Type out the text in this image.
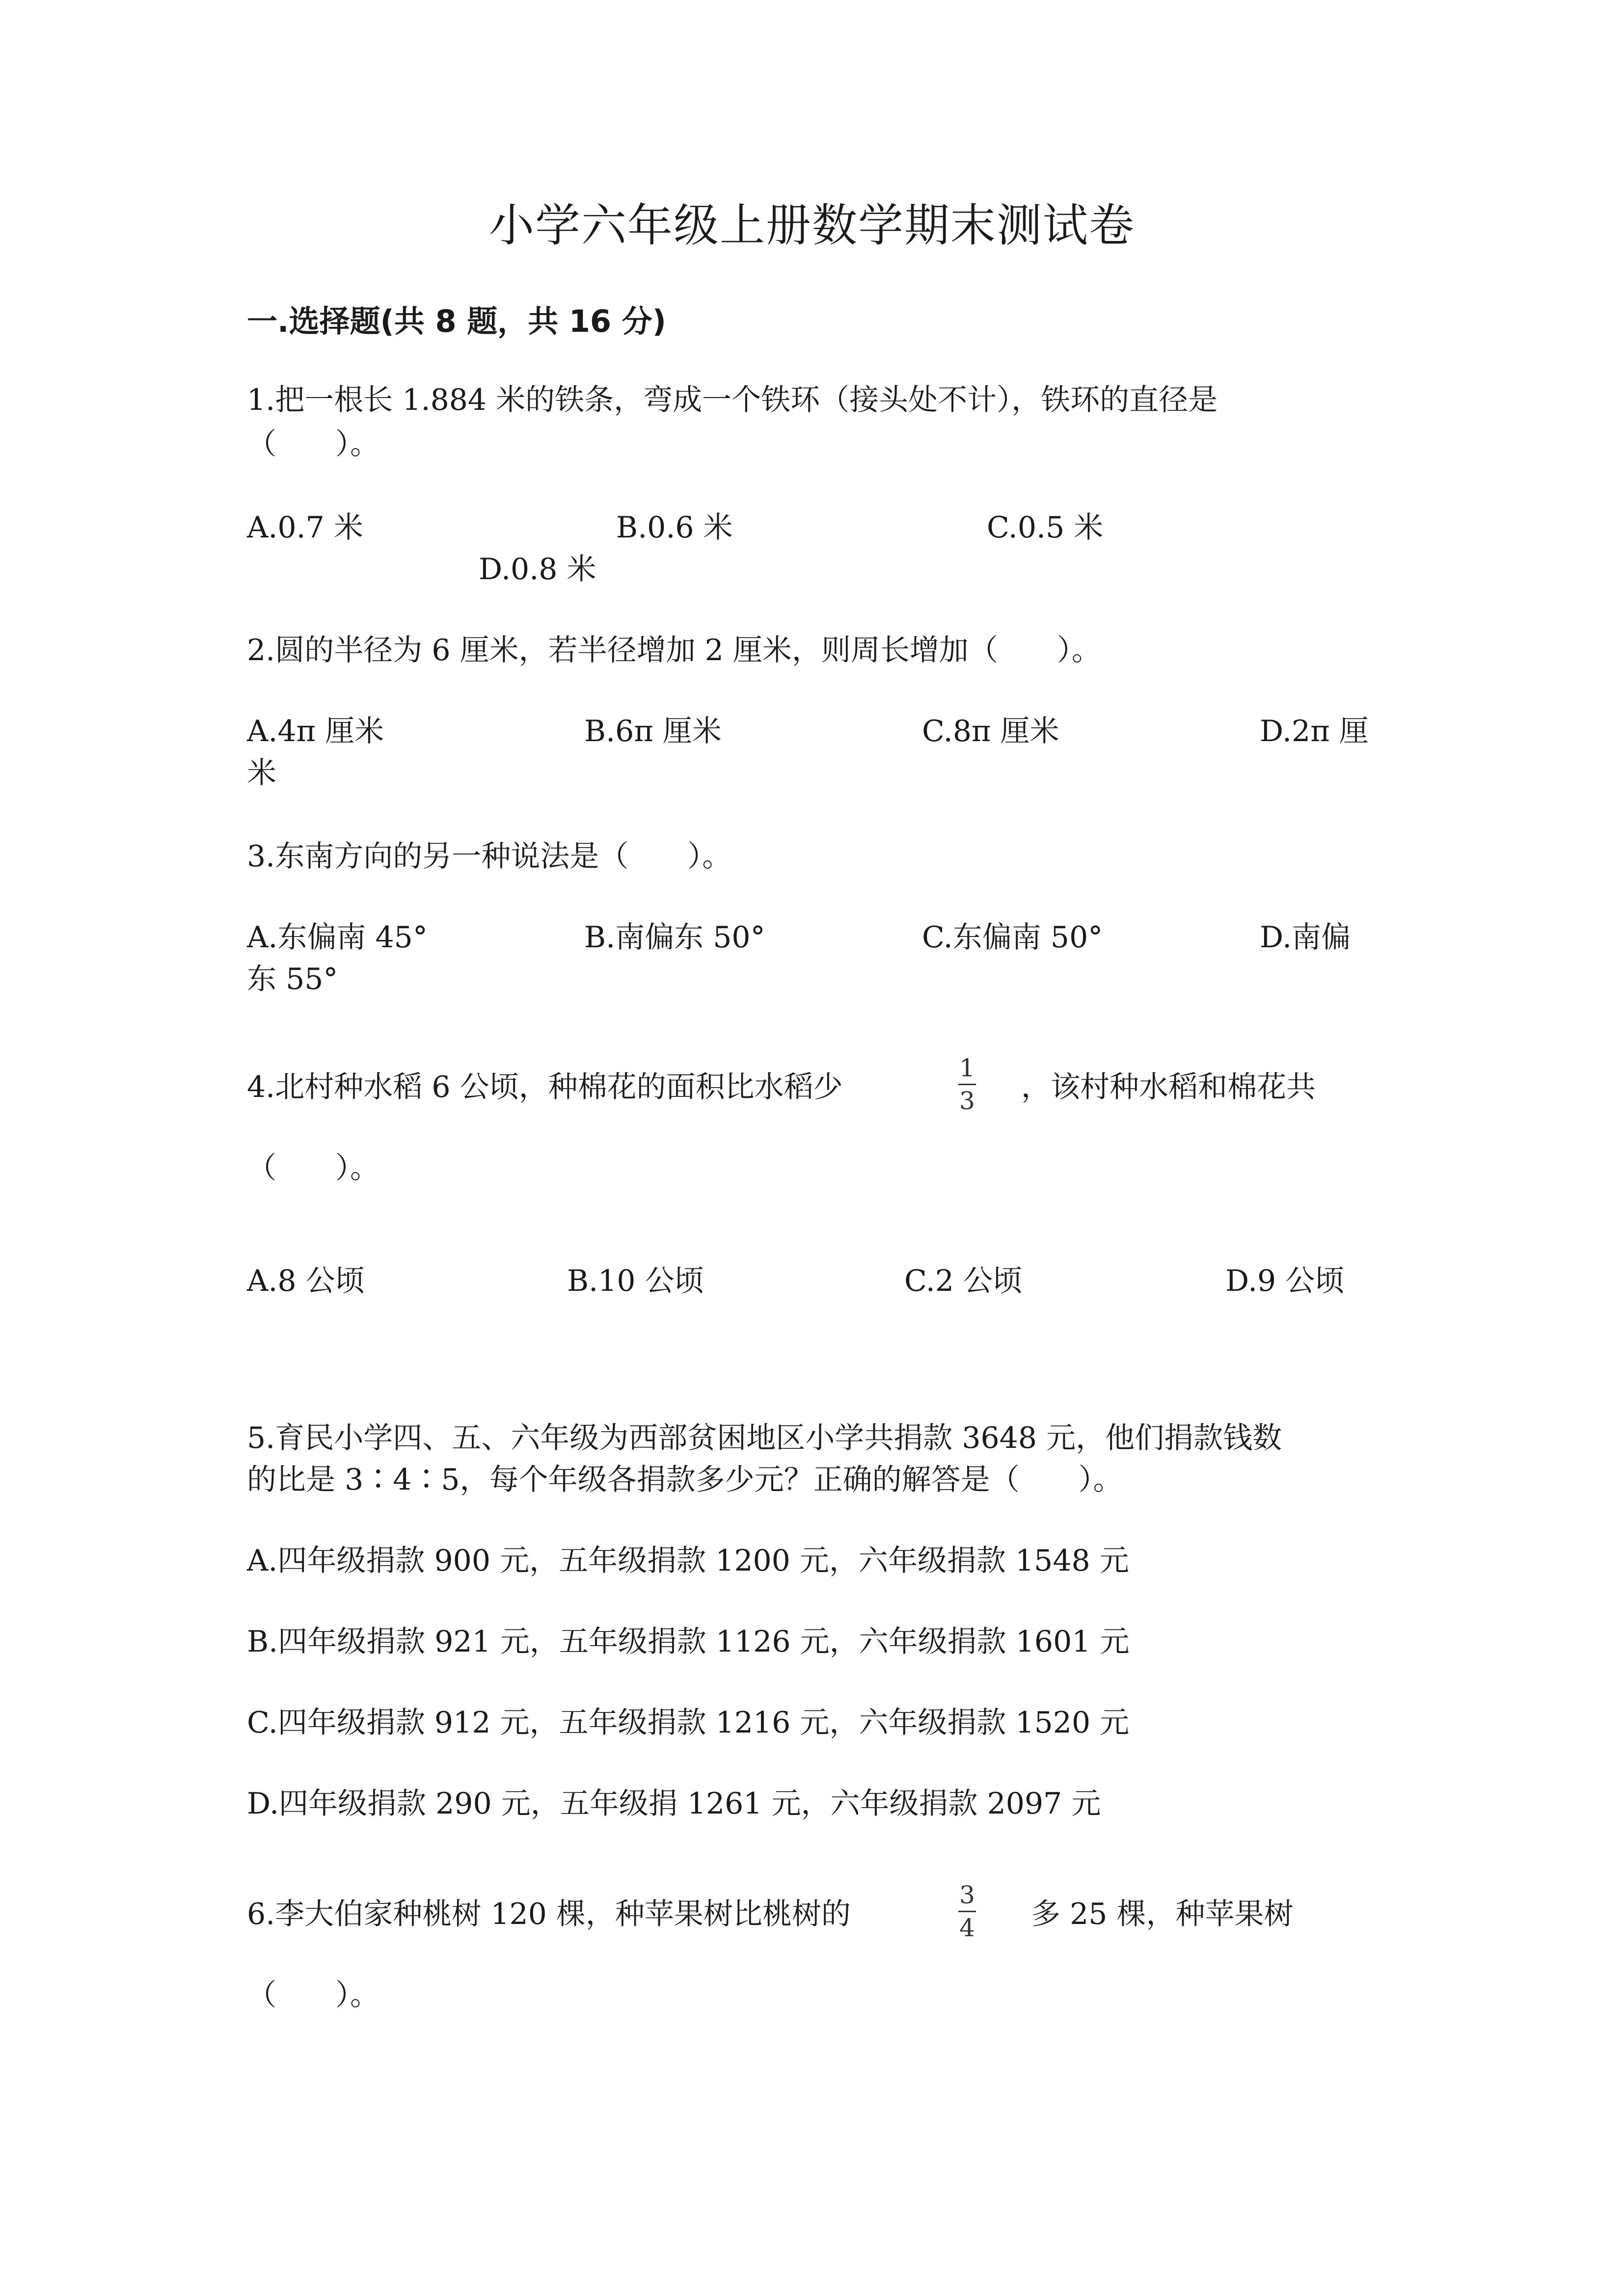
小学六年级上册数学期末测试卷
一.选择题(共 8 题，共 16 分)
1.把一根长 1.884 米的铁条，弯成一个铁环（接头处不计），铁环的直径是
（　　）。
A.0.7 米	B.0.6 米	C.0.5 米
D.0.8 米
2.圆的半径为 6 厘米，若半径增加 2 厘米，则周长增加（　　）。
A.4π 厘米	B.6π 厘米	C.8π 厘米	D.2π 厘
米
3.东南方向的另一种说法是（　　）。
A.东偏南 45°	B.南偏东 50°	C.东偏南 50°	D.南偏
东 55°
4.北村种水稻 6 公顷，种棉花的面积比水稻少
1
3 ，该村种水稻和棉花共
（　　）。
A.8 公顷	B.10 公顷	C.2 公顷	D.9 公顷
5.育民小学四、五、六年级为西部贫困地区小学共捐款 3648 元，他们捐款钱数
的比是 3∶4∶5，每个年级各捐款多少元？正确的解答是（　　）。
A.四年级捐款 900 元，五年级捐款 1200 元，六年级捐款 1548 元
B.四年级捐款 921 元，五年级捐款 1126 元，六年级捐款 1601 元
C.四年级捐款 912 元，五年级捐款 1216 元，六年级捐款 1520 元
D.四年级捐款 290 元，五年级捐 1261 元，六年级捐款 2097 元
6.李大伯家种桃树 120 棵，种苹果树比桃树的
3
4 多 25 棵，种苹果树
（　　）。
